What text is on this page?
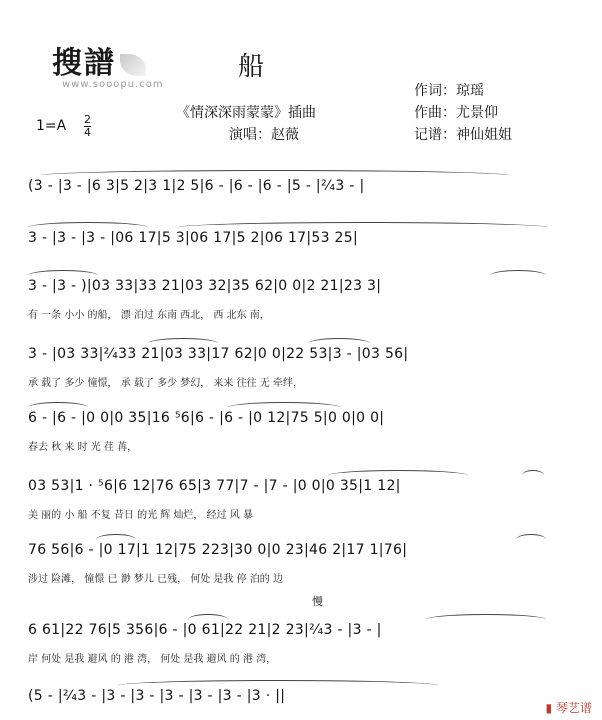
搜譜
www.sooopu.com
船
作词：琼瑶
《情深深雨蒙蒙》插曲	作曲：尤景仰
演唱：赵薇	记谱：神仙姐姐
1=A 2
4
(3 - |3 - |6 3|5 2|3 1|2 5|6 - |6 - |6 - |5 - |²⁄₄3 - |
3 - |3 - |3 - |06 17|5 3|06 17|5 2|06 17|53 25|
3 - |3 - )|03 33|33 21|03 32|35 62|0 0|2 21|23 3|
有 一条 小小 的船， 漂 泊过 东南 西北， 西 北东 南，
3 - |03 33|²⁄₄33 21|03 33|17 62|0 0|22 53|3 - |03 56|
承 载了 多少 憧憬， 承 载了 多少 梦幻， 来来 往往 无 牵绊，
6 - |6 - |0 0|0 35|16 ⁵6|6 - |6 - |0 12|75 5|0 0|0 0|
春去 秋 来 时 光 荏 苒，
03 53|1 · ⁵6|6 12|76 65|3 77|7 - |7 - |0 0|0 35|1 12|
美 丽的 小 船 不复 昔日 的光 辉 灿烂， 经过 风 暴
76 56|6 - |0 17|1 12|75 223|30 0|0 23|46 2|17 1|76|
涉过 险滩， 憧憬 已 渺 梦儿 已残， 何处 是我 停 泊的 边
慢
6 61|22 76|5 356|6 - |0 61|22 21|2 23|²⁄₄3 - |3 - |
岸 何处 是我 避风 的 港 湾， 何处 是我 避风 的 港 湾，
(5 - |²⁄₄3 - |3 - |3 - |3 - |3 - |3 - |3 · ||
▮ 琴艺谱
